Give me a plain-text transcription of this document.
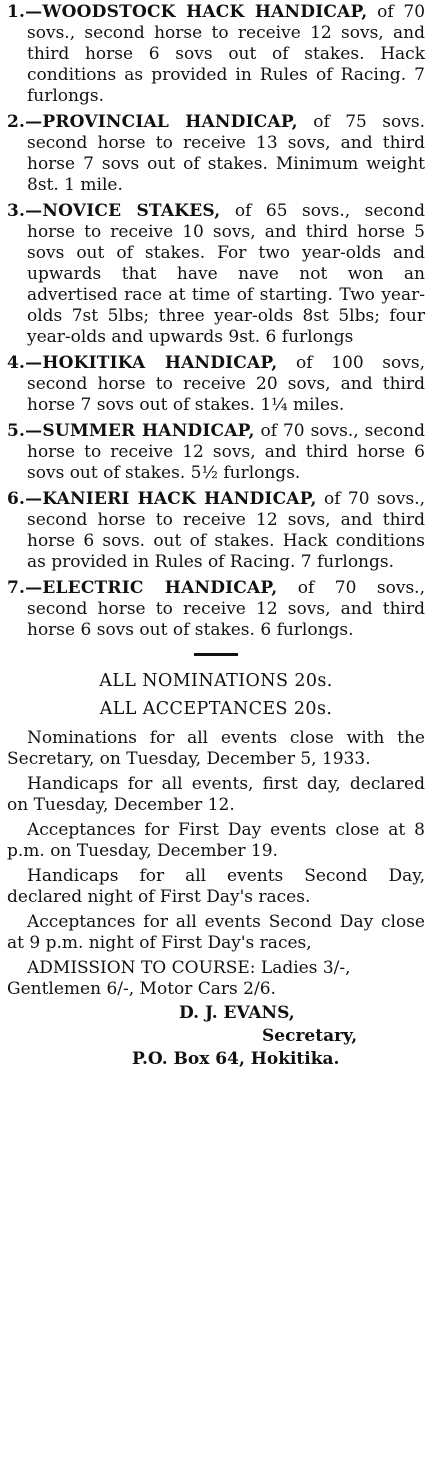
1.—WOODSTOCK HACK HANDICAP, of 70 sovs., second horse to receive 12 sovs, and third horse 6 sovs out of stakes. Hack conditions as provided in Rules of Racing. 7 furlongs.
2.—PROVINCIAL HANDICAP, of 75 sovs. second horse to receive 13 sovs, and third horse 7 sovs out of stakes. Minimum weight 8st. 1 mile.
3.—NOVICE STAKES, of 65 sovs., second horse to receive 10 sovs, and third horse 5 sovs out of stakes. For two year-olds and upwards that have nave not won an advertised race at time of starting. Two year-olds 7st 5lbs; three year-olds 8st 5lbs; four year-olds and upwards 9st. 6 furlongs
4.—HOKITIKA HANDICAP, of 100 sovs, second horse to receive 20 sovs, and third horse 7 sovs out of stakes. 1¼ miles.
5.—SUMMER HANDICAP, of 70 sovs., second horse to receive 12 sovs, and third horse 6 sovs out of stakes. 5½ furlongs.
6.—KANIERI HACK HANDICAP, of 70 sovs., second horse to receive 12 sovs, and third horse 6 sovs. out of stakes. Hack conditions as provided in Rules of Racing. 7 furlongs.
7.—ELECTRIC HANDICAP, of 70 sovs., second horse to receive 12 sovs, and third horse 6 sovs out of stakes. 6 furlongs.
ALL NOMINATIONS 20s.
ALL ACCEPTANCES 20s.
Nominations for all events close with the Secretary, on Tuesday, December 5, 1933.
Handicaps for all events, first day, declared on Tuesday, December 12.
Acceptances for First Day events close at 8 p.m. on Tuesday, December 19.
Handicaps for all events Second Day, declared night of First Day's races.
Acceptances for all events Second Day close at 9 p.m. night of First Day's races,
ADMISSION TO COURSE: Ladies 3/-, Gentlemen 6/-, Motor Cars 2/6.
D. J. EVANS,
Secretary,
P.O. Box 64, Hokitika.
